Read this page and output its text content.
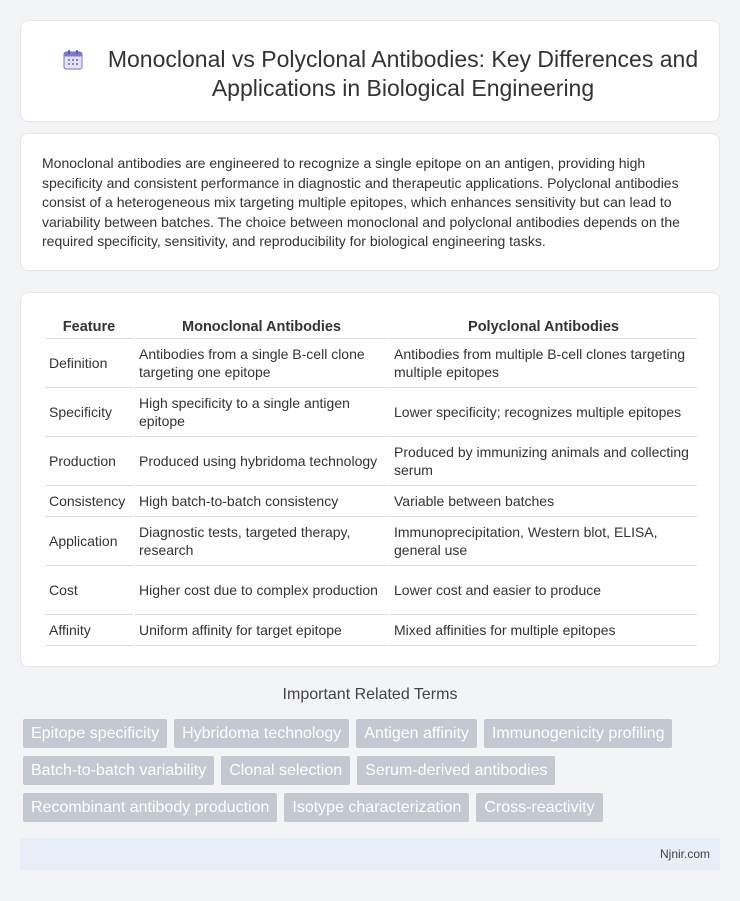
Monoclonal vs Polyclonal Antibodies: Key Differences and Applications in Biological Engineering

Monoclonal antibodies are engineered to recognize a single epitope on an antigen, providing high specificity and consistent performance in diagnostic and therapeutic applications. Polyclonal antibodies consist of a heterogeneous mix targeting multiple epitopes, which enhances sensitivity but can lead to variability between batches. The choice between monoclonal and polyclonal antibodies depends on the required specificity, sensitivity, and reproducibility for biological engineering tasks.

Feature	Monoclonal Antibodies	Polyclonal Antibodies
Definition	Antibodies from a single B-cell clone targeting one epitope	Antibodies from multiple B-cell clones targeting multiple epitopes
Specificity	High specificity to a single antigen epitope	Lower specificity; recognizes multiple epitopes
Production	Produced using hybridoma technology	Produced by immunizing animals and collecting serum
Consistency	High batch-to-batch consistency	Variable between batches
Application	Diagnostic tests, targeted therapy, research	Immunoprecipitation, Western blot, ELISA, general use
Cost	Higher cost due to complex production	Lower cost and easier to produce
Affinity	Uniform affinity for target epitope	Mixed affinities for multiple epitopes
Important Related Terms
Epitope specificity	Hybridoma technology	Antigen affinity	Immunogenicity profiling
Batch-to-batch variability	Clonal selection	Serum-derived antibodies
Recombinant antibody production	Isotype characterization	Cross-reactivity
Njnir.com
